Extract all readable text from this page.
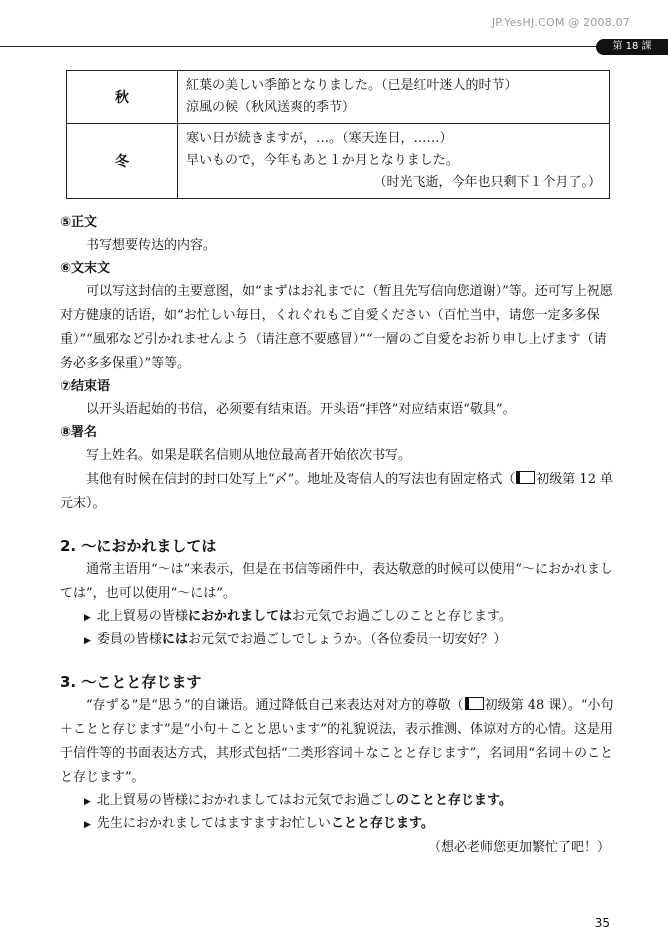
JP.YesHJ.COM @ 2008.07
第 18 課
秋	紅葉の美しい季節となりました。（已是红叶迷人的时节）
涼風の候（秋风送爽的季节）

冬	寒い日が続きますが，…。（寒天连日，……）
早いもので，今年もあと１か月となりました。
（时光飞逝，今年也只剩下１个月了。）
⑤正文

书写想要传达的内容。

⑥文末文

可以写这封信的主要意图，如“まずはお礼までに（暂且先写信向您道谢）”等。还可写上祝愿对方健康的话语，如“お忙しい毎日，くれぐれもご自愛ください（百忙当中，请您一定多多保重）”“風邪など引かれませんよう（请注意不要感冒）”“一層のご自愛をお祈り申し上げます（请务必多多保重）”等等。

⑦结束语

以开头语起始的书信，必须要有结束语。开头语“拝啓”对应结束语“敬具”。

⑧署名

写上姓名。如果是联名信则从地位最高者开始依次书写。

其他有时候在信封的封口处写上“〆”。地址及寄信人的写法也有固定格式（ 初级第 12 单元末）。

2. ～におかれましては

通常主语用“～は”来表示，但是在书信等函件中，表达敬意的时候可以使用“～におかれましては”，也可以使用“～には”。

▶ 北上貿易の皆様におかれましてはお元気でお過ごしのことと存じます。
▶ 委員の皆様にはお元気でお過ごしでしょうか。（各位委员一切安好？）
3. ～ことと存じます

“存ずる”是“思う”的自谦语。通过降低自己来表达对对方的尊敬（ 初级第 48 课）。“小句＋ことと存じます”是“小句＋ことと思います”的礼貌说法，表示推测、体谅对方的心情。这是用于信件等的书面表达方式，其形式包括“二类形容词＋なことと存じます”，名词用“名词＋のことと存じます”。

▶ 北上貿易の皆様におかれましてはお元気でお過ごしのことと存じます。
▶ 先生におかれましてはますますお忙しいことと存じます。
（想必老师您更加繁忙了吧！）
35
